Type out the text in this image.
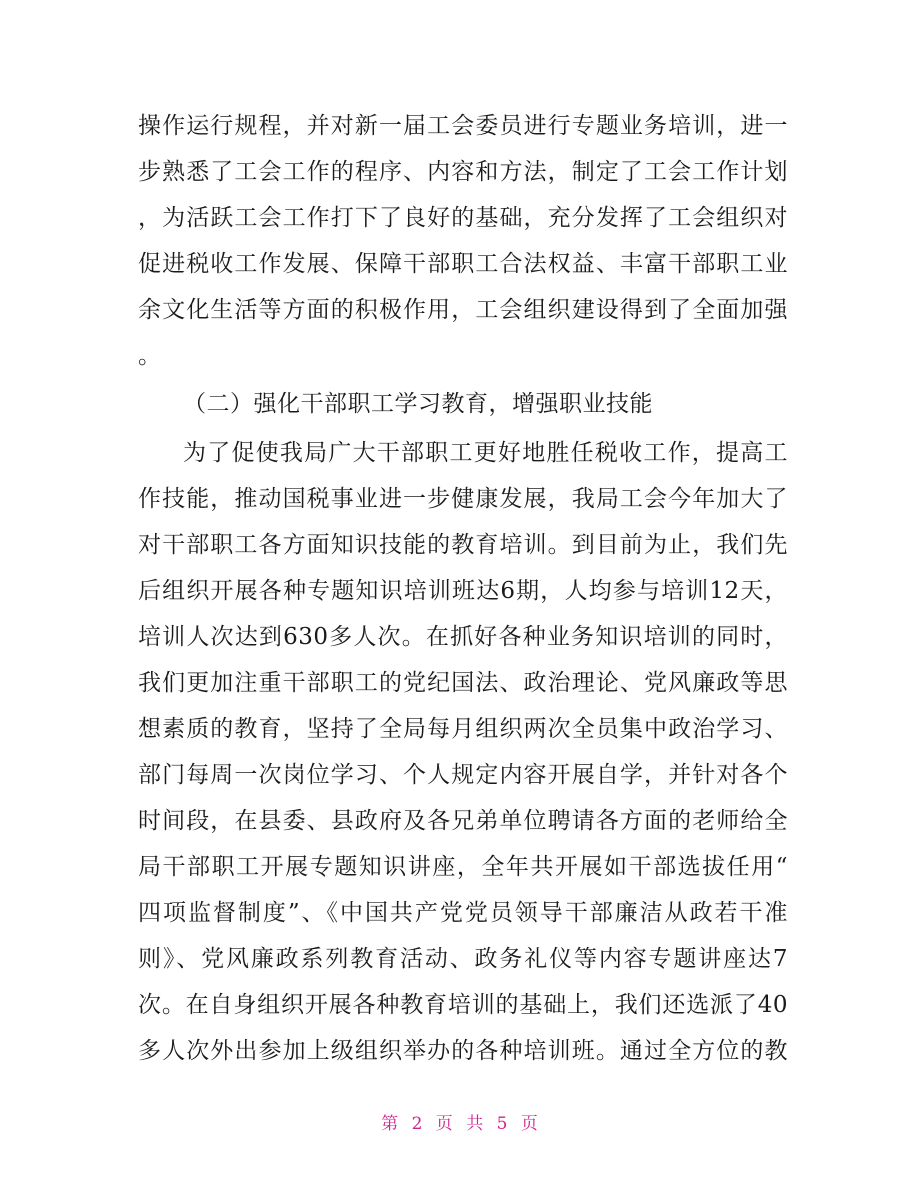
操作运行规程，并对新一届工会委员进行专题业务培训，进一
步熟悉了工会工作的程序、内容和方法，制定了工会工作计划
，为活跃工会工作打下了良好的基础，充分发挥了工会组织对
促进税收工作发展、保障干部职工合法权益、丰富干部职工业
余文化生活等方面的积极作用，工会组织建设得到了全面加强
。
（二）强化干部职工学习教育，增强职业技能
为了促使我局广大干部职工更好地胜任税收工作，提高工
作技能，推动国税事业进一步健康发展，我局工会今年加大了
对干部职工各方面知识技能的教育培训。到目前为止，我们先
后组织开展各种专题知识培训班达6期，人均参与培训12天，
培训人次达到630多人次。在抓好各种业务知识培训的同时，
我们更加注重干部职工的党纪国法、政治理论、党风廉政等思
想素质的教育，坚持了全局每月组织两次全员集中政治学习、
部门每周一次岗位学习、个人规定内容开展自学，并针对各个
时间段，在县委、县政府及各兄弟单位聘请各方面的老师给全
局干部职工开展专题知识讲座，全年共开展如干部选拔任用“
四项监督制度”、《中国共产党党员领导干部廉洁从政若干准
则》、党风廉政系列教育活动、政务礼仪等内容专题讲座达7
次。在自身组织开展各种教育培训的基础上，我们还选派了40
多人次外出参加上级组织举办的各种培训班。通过全方位的教
第 2 页 共 5 页
